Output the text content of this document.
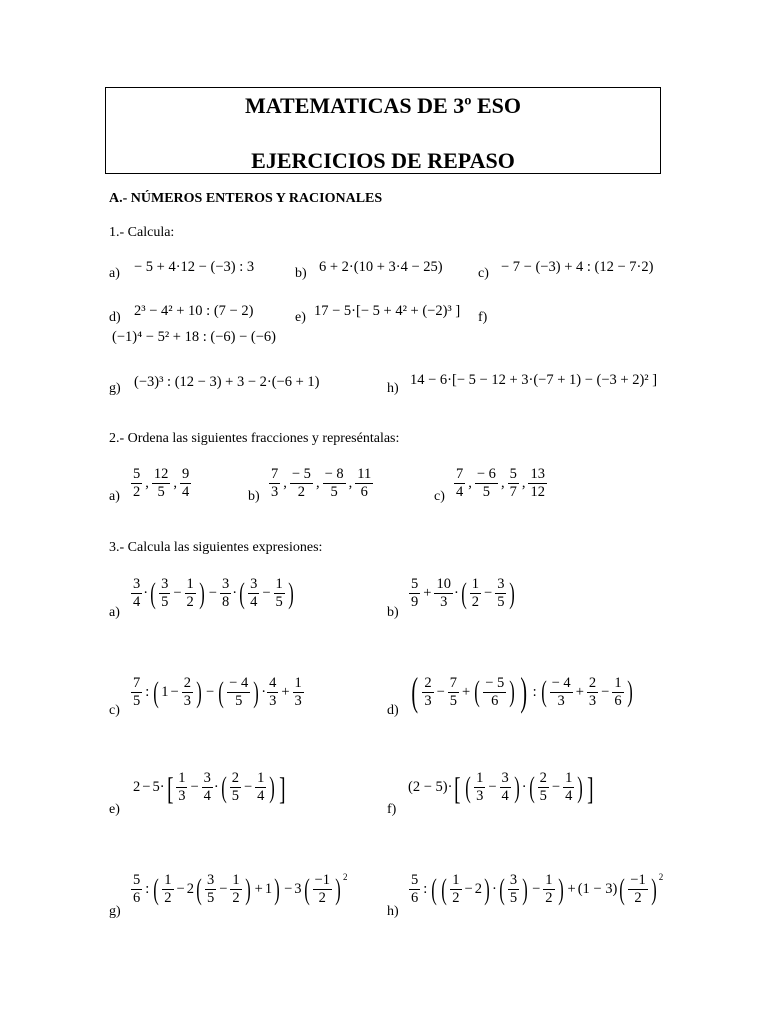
MATEMATICAS DE 3º ESO
EJERCICIOS DE REPASO
A.- NÚMEROS ENTEROS Y RACIONALES
1.- Calcula:
a) − 5 + 4·12 − (−3) : 3	b) 6 + 2·(10 + 3·4 − 25)	c) − 7 − (−3) + 4 : (12 − 7·2)
d) 2³ − 4² + 10 : (7 − 2)	e) 17 − 5·[− 5 + 4² + (−2)³ ] f)
(−1)⁴ − 5² + 18 : (−6) − (−6)
g) (−3)³ : (12 − 3) + 3 − 2·(−6 + 1)	h)
14 − 6·[− 5 − 12 + 3·(−7 + 1) − (−3 + 2)² ]
2.- Ordena las siguientes fracciones y represéntalas:
$a) \frac{5}{2}$ , $\frac{12}{5}$ , $\frac{9}{4}$	$b) \frac{7}{3}$ , $\frac{- 5}{2}$ , $\frac{- 8}{5}$ , $\frac{11}{6}$	$c) \frac{7}{4}$ , $\frac{- 6}{5}$ , $\frac{5}{7}$ , $\frac{13}{12}$
3.- Calcula las siguientes expresiones:
a)
$\frac{3}{4}$ · ( $\frac{3}{5} - \frac{1}{2}$ ) − $\frac{3}{8}$ · ( $\frac{3}{4} - \frac{1}{5}$ )
b)
$\frac{5}{9} + \frac{10}{3}$ · ( $\frac{1}{2} - \frac{3}{5}$ )
c)
$\frac{7}{5}$ : ( $1 - \frac{2}{3}$ ) − ( $\frac{- 4}{5}$ ) · $\frac{4}{3} + \frac{1}{3}$
d) ( $\frac{2}{3} - \frac{7}{5}$ + ( $\frac{- 5}{6}$ ) ) : ( $\frac{- 4}{3} + \frac{2}{3} - \frac{1}{6}$ )
e)
2 − 5 · [ $\frac{1}{3} - \frac{3}{4}$ · ( $\frac{2}{5} - \frac{1}{4}$ ) ]
f)
(2 − 5) · [ ( $\frac{1}{3} - \frac{3}{4}$ ) · ( $\frac{2}{5} - \frac{1}{4}$ ) ]
g)
$\frac{5}{6}$ : ( $\frac{1}{2} - 2$ ( $\frac{3}{5} - \frac{1}{2}$ ) + 1 ) − 3 ( $\frac{-1}{2}$ ) $^2$
h)
$\frac{5}{6}$ : ( ( $\frac{1}{2} - 2$ ) · ( $\frac{3}{5}$ ) − $\frac{1}{2}$ ) + (1 − 3) ( $\frac{-1}{2}$ ) $^2$
